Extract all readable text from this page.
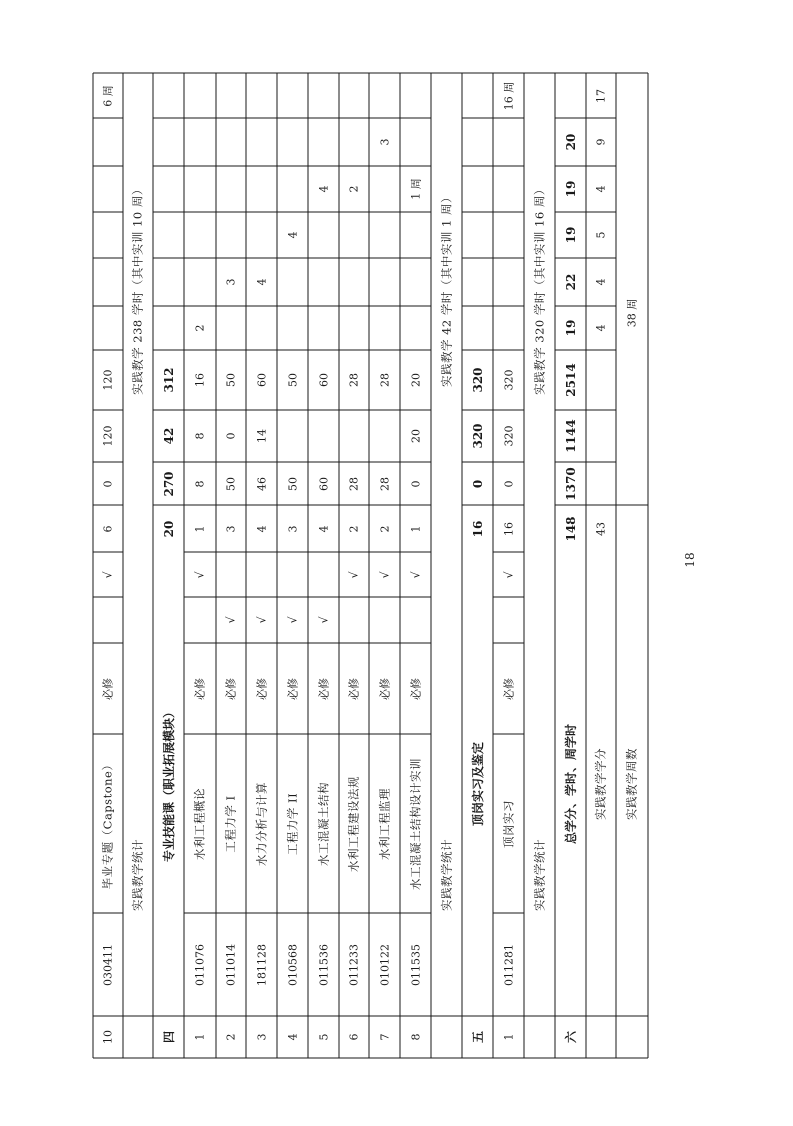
10
030411
毕业专题（Capstone）
必修
√
6
0
120
120
6 周
实践教学统计
实践教学 238 学时（其中实训 10 周）
四
专业技能课（职业拓展模块）
20
270
42
312
1
011076
水利工程概论
必修
√
1
8
8
16
2
2
011014
工程力学 I
必修
√
3
50
0
50
3
3
181128
水力分析与计算
必修
√
4
46
14
60
4
4
010568
工程力学 II
必修
√
3
50
50
4
5
011536
水工混凝土结构
必修
√
4
60
60
4
6
011233
水利工程建设法规
必修
√
2
28
28
2
7
010122
水利工程监理
必修
√
2
28
28
3
8
011535
水工混凝土结构设计实训
必修
√
1
0
20
20
1 周
实践教学统计
实践教学 42 学时（其中实训 1 周）
五
顶岗实习及鉴定
16
0
320
320
1
011281
顶岗实习
必修
√
16
0
320
320
16 周
实践教学统计
实践教学 320 学时（其中实训 16 周）
六
总学分、学时、周学时
148
1370
1144
2514
19
22
19
19
20
实践教学学分
43
4
4
5
4
9
17
实践教学周数
38 周
18
